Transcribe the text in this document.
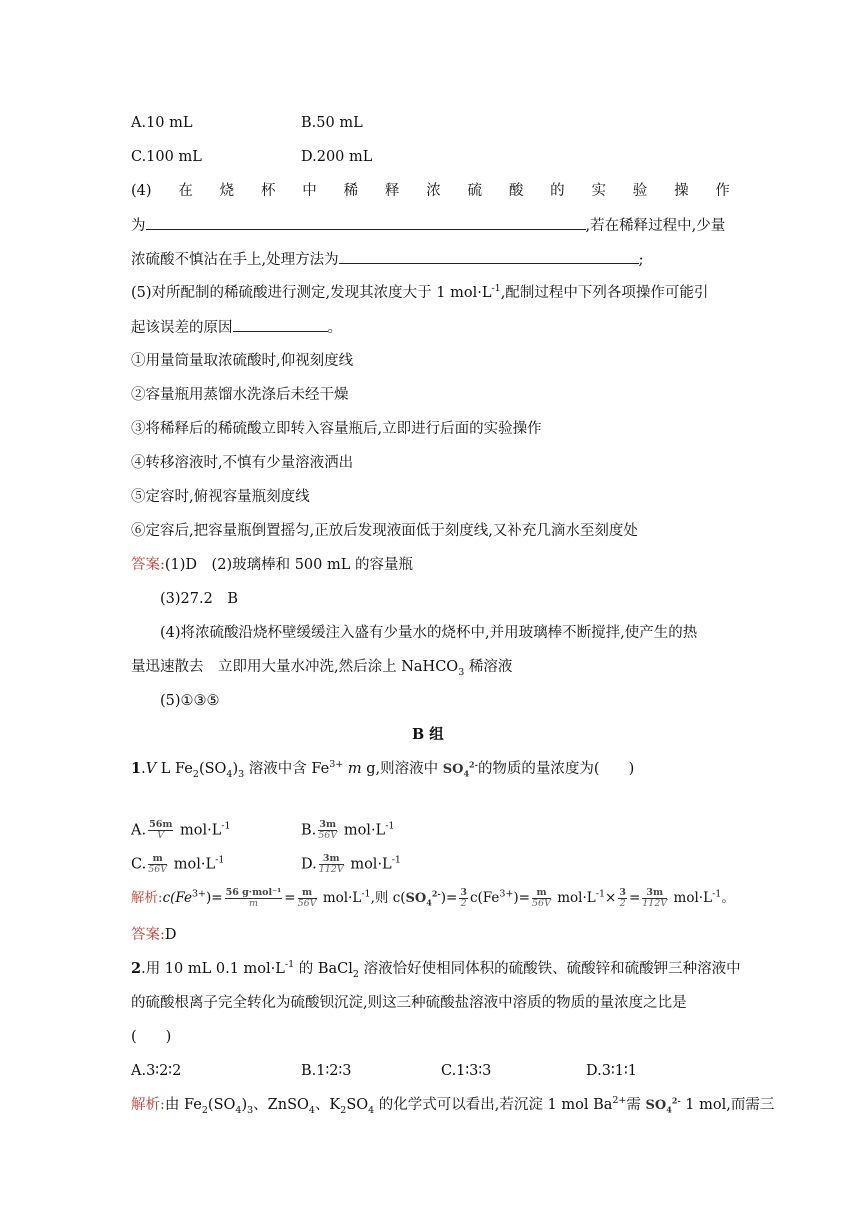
A.10 mL	B.50 mL
C.100 mL	D.200 mL
(4) 在 烧 杯 中 稀 释 浓 硫 酸 的 实 验 操 作
为	,若在稀释过程中,少量
浓硫酸不慎沾在手上,处理方法为	;
(5)对所配制的稀硫酸进行测定,发现其浓度大于 1 $mol\cdot L^{-1}$,配制过程中下列各项操作可能引
起该误差的原因	。
①用量筒量取浓硫酸时,仰视刻度线
②容量瓶用蒸馏水洗涤后未经干燥
③将稀释后的稀硫酸立即转入容量瓶后,立即进行后面的实验操作
④转移溶液时,不慎有少量溶液洒出
⑤定容时,俯视容量瓶刻度线
⑥定容后,把容量瓶倒置摇匀,正放后发现液面低于刻度线,又补充几滴水至刻度处
答案:(1)D　(2)玻璃棒和 500 mL 的容量瓶
(3)27.2　B
(4)将浓硫酸沿烧杯壁缓缓注入盛有少量水的烧杯中,并用玻璃棒不断搅拌,使产生的热
量迅速散去　立即用大量水冲洗,然后涂上 NaHCO$_3$ 稀溶液
(5)①③⑤
B 组
1.V L $Fe_2(SO_4)_3$ 溶液中含 $Fe^{3+}$ m g,则溶液中 $SO_4^{2-}$的物质的量浓度为(　　)
A. $\frac{56m}{V} mol\cdot L^{-1}$	B. $\frac{3m}{56V} mol\cdot L^{-1}$
C. $\frac{m}{56V} mol\cdot L^{-1}$	D. $\frac{3m}{112V} mol\cdot L^{-1}$
解析$:c(Fe^{3+})= \frac{\text{56 g·mol⁻¹}}{m} = \frac{m}{56V} mol\cdot L^{-1}$,则 $c(SO_4^{2-})= \frac{3}{2} c(Fe^{3+})= \frac{m}{56V} mol\cdot L^{-1}\times \frac{3}{2} = \frac{3m}{112V} mol\cdot L^{-1}$。
答案:D
2.用 10 mL 0.1 $mol\cdot L^{-1}$ 的 BaCl$_2$ 溶液恰好使相同体积的硫酸铁、硫酸锌和硫酸钾三种溶液中
的硫酸根离子完全转化为硫酸钡沉淀,则这三种硫酸盐溶液中溶质的物质的量浓度之比是
(　　)
A.3∶2∶2	B.1∶2∶3	C.1∶3∶3	D.3∶1∶1
解析:由 $Fe_2(SO_4)_3$、ZnSO$_4$、$K_2SO_4$ 的化学式可以看出,若沉淀 1 mol $Ba^{2+}$需 $SO_4^{2-}$ 1 mol,而需三
